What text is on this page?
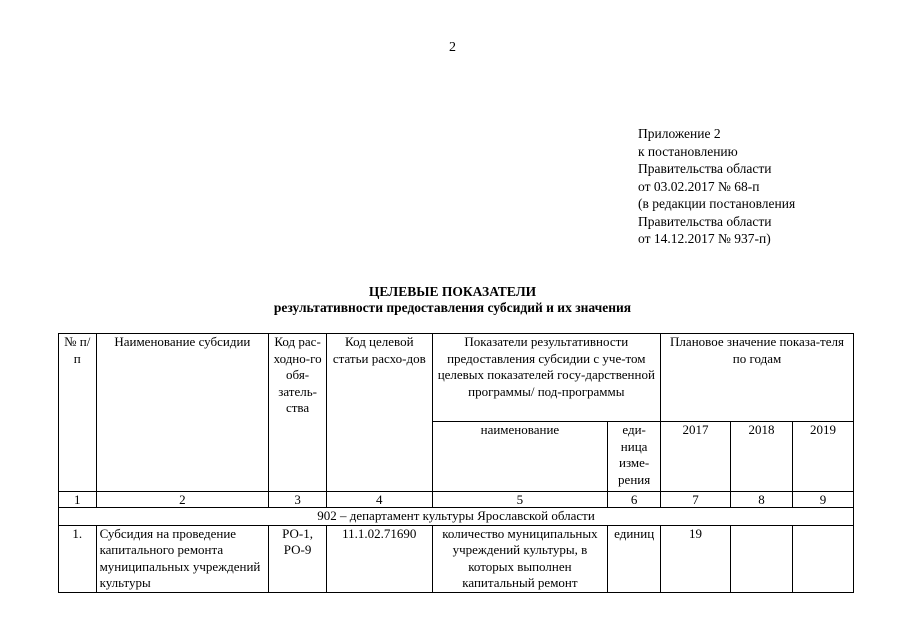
2
Приложение 2
к постановлению
Правительства области
от 03.02.2017 № 68-п
(в редакции постановления
Правительства области
от 14.12.2017 № 937-п)
ЦЕЛЕВЫЕ ПОКАЗАТЕЛИ
результативности предоставления субсидий и их значения
№ п/п	Наименование субсидии	Код рас-ходно-го обя-затель-ства	Код целевой статьи расхо-дов	Показатели результативности предоставления субсидии с уче-том целевых показателей госу-дарственной программы/ под-программы		Плановое значение показа-теля по годам		
				наименование	еди-ница изме-рения	2017	2018	2019
1	2	3	4	5	6	7	8	9
902 – департамент культуры Ярославской области								
1.	Субсидия на проведение капитального ремонта муниципальных учреждений культуры	РО-1, РО-9	11.1.02.71690	количество муниципальных учреждений культуры, в которых выполнен капитальный ремонт	единиц	19		
